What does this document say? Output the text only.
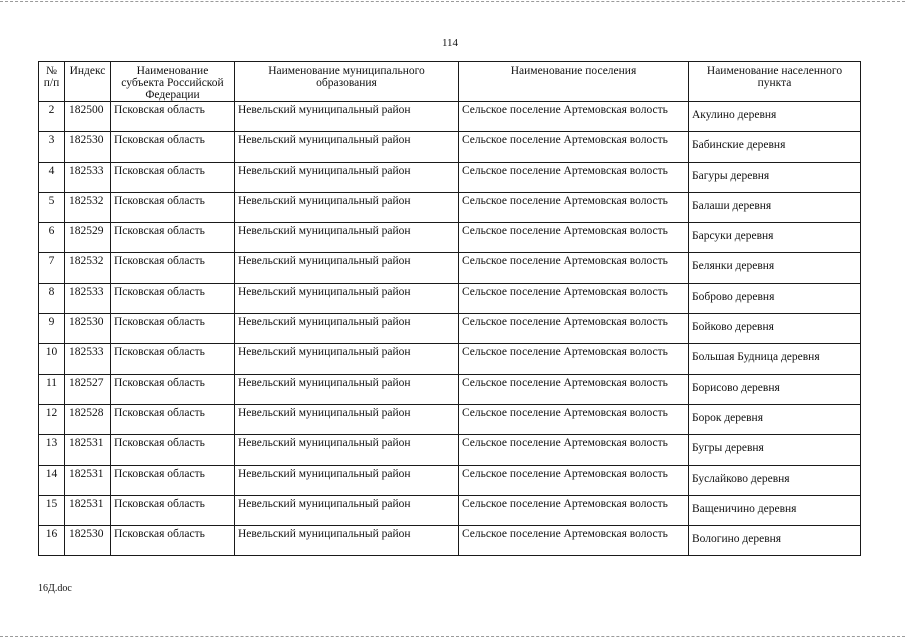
114
№ п/п	Индекс	Наименование субъекта Российской Федерации	Наименование муниципального образования	Наименование поселения	Наименование населенного пункта
2	182500	Псковская область	Невельский муниципальный район	Сельское поселение Артемовская волость	Акулино деревня
3	182530	Псковская область	Невельский муниципальный район	Сельское поселение Артемовская волость	Бабинские деревня
4	182533	Псковская область	Невельский муниципальный район	Сельское поселение Артемовская волость	Багуры деревня
5	182532	Псковская область	Невельский муниципальный район	Сельское поселение Артемовская волость	Балаши деревня
6	182529	Псковская область	Невельский муниципальный район	Сельское поселение Артемовская волость	Барсуки деревня
7	182532	Псковская область	Невельский муниципальный район	Сельское поселение Артемовская волость	Белянки деревня
8	182533	Псковская область	Невельский муниципальный район	Сельское поселение Артемовская волость	Боброво деревня
9	182530	Псковская область	Невельский муниципальный район	Сельское поселение Артемовская волость	Бойково деревня
10	182533	Псковская область	Невельский муниципальный район	Сельское поселение Артемовская волость	Большая Будница деревня
11	182527	Псковская область	Невельский муниципальный район	Сельское поселение Артемовская волость	Борисово деревня
12	182528	Псковская область	Невельский муниципальный район	Сельское поселение Артемовская волость	Борок деревня
13	182531	Псковская область	Невельский муниципальный район	Сельское поселение Артемовская волость	Бугры деревня
14	182531	Псковская область	Невельский муниципальный район	Сельское поселение Артемовская волость	Буслайково деревня
15	182531	Псковская область	Невельский муниципальный район	Сельское поселение Артемовская волость	Ващеничино деревня
16	182530	Псковская область	Невельский муниципальный район	Сельское поселение Артемовская волость	Вологино деревня
16Д.doc
